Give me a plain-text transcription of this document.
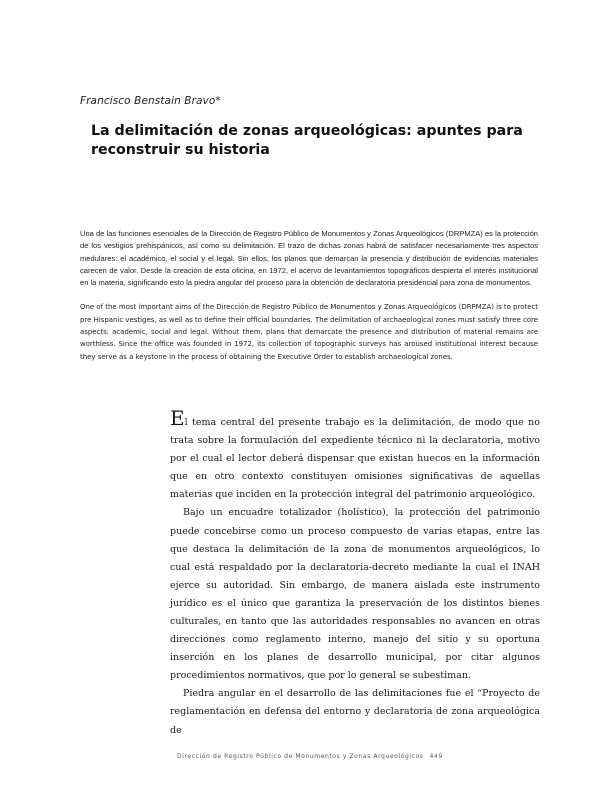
Francisco Benstain Bravo*
La delimitación de zonas arqueológicas: apuntes para reconstruir su historia

Una de las funciones esenciales de la Dirección de Registro Público de Monumentos y Zonas Arqueológicos (DRPMZA) es la protección de los vestigios prehispánicos, así como su delimitación. El trazo de dichas zonas habrá de satisfacer necesariamente tres aspectos medulares: el académico, el social y el legal. Sin ellos, los planos que demarcan la presencia y distribución de evidencias materiales carecen de valor. Desde la creación de esta oficina, en 1972, el acervo de levantamientos topográficos despierta el interés institucional en la materia, significando esto la piedra angular del proceso para la obtención de declaratoria presidencial para zona de monumentos.

One of the most important aims of the Dirección de Registro Público de Monumentos y Zonas Arqueológicos (DRPMZA) is to protect pre Hispanic vestiges, as well as to define their official boundaries. The delimitation of archaeological zones must satisfy three core aspects: academic, social and legal. Without them, plans that demarcate the presence and distribution of material remains are worthless. Since the office was founded in 1972, its collection of topographic surveys has aroused institutional interest because they serve as a keystone in the process of obtaining the Executive Order to establish archaeological zones.

El tema central del presente trabajo es la delimitación, de modo que no trata sobre la formulación del expediente técnico ni la declaratoria, motivo por el cual el lector deberá dispensar que existan huecos en la información que en otro contexto constituyen omisiones significativas de aquellas materias que inciden en la protección integral del patrimonio arqueológico.

Bajo un encuadre totalizador (holístico), la protección del patrimonio puede concebirse como un proceso compuesto de varias etapas, entre las que destaca la delimitación de la zona de monumentos arqueológicos, lo cual está respaldado por la declaratoria-decreto mediante la cual el INAH ejerce su autoridad. Sin embargo, de manera aislada este instrumento jurídico es el único que garantiza la preservación de los distintos bienes culturales, en tanto que las autoridades responsables no avancen en otras direcciones como reglamento interno, manejo del sitio y su oportuna inserción en los planes de desarrollo municipal, por citar algunos procedimientos normativos, que por lo general se subestiman.

Piedra angular en el desarrollo de las delimitaciones fue el “Proyecto de reglamentación en defensa del entorno y declaratoria de zona arqueológica de

Dirección de Registro Público de Monumentos y Zonas Arqueológicos 449
